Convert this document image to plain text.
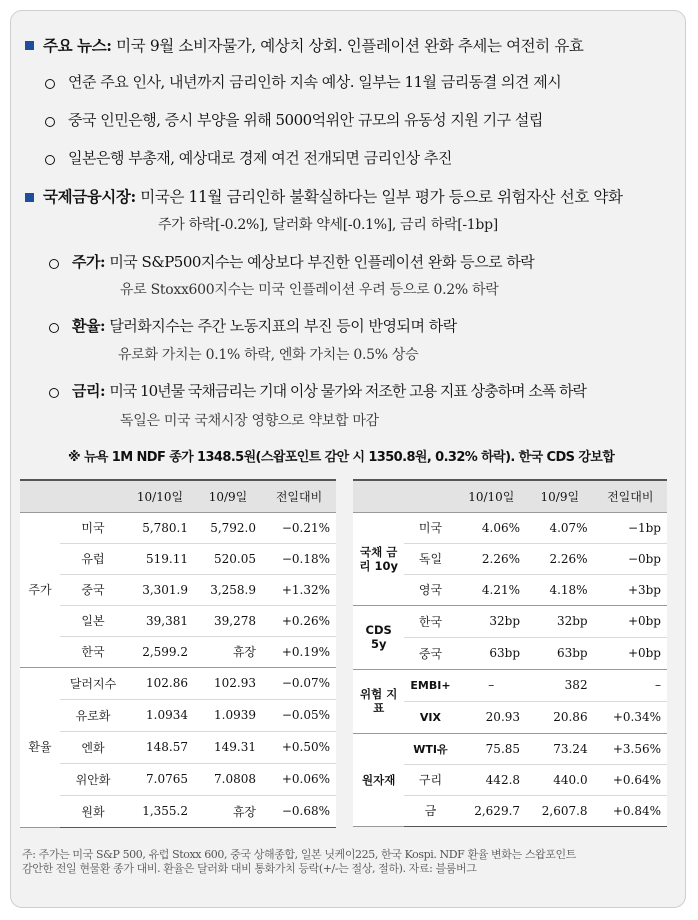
주요 뉴스: 미국 9월 소비자물가, 예상치 상회. 인플레이션 완화 추세는 여전히 유효
연준 주요 인사, 내년까지 금리인하 지속 예상. 일부는 11월 금리동결 의견 제시
중국 인민은행, 증시 부양을 위해 5000억위안 규모의 유동성 지원 기구 설립
일본은행 부총재, 예상대로 경제 여건 전개되면 금리인상 추진
국제금융시장: 미국은 11월 금리인하 불확실하다는 일부 평가 등으로 위험자산 선호 약화
주가 하락[-0.2%], 달러화 약세[-0.1%], 금리 하락[-1bp]
주가: 미국 S&P500지수는 예상보다 부진한 인플레이션 완화 등으로 하락
유로 Stoxx600지수는 미국 인플레이션 우려 등으로 0.2% 하락
환율: 달러화지수는 주간 노동지표의 부진 등이 반영되며 하락
유로화 가치는 0.1% 하락, 엔화 가치는 0.5% 상승
금리: 미국 10년물 국채금리는 기대 이상 물가와 저조한 고용 지표 상충하며 소폭 하락
독일은 미국 국채시장 영향으로 약보합 마감
※ 뉴욕 1M NDF 종가 1348.5원(스왑포인트 감안 시 1350.8원, 0.32% 하락). 한국 CDS 강보합
		10/10일	10/9일	전일대비
주가	미국	5,780.1	5,792.0	−0.21%
	유럽	519.11	520.05	−0.18%
	중국	3,301.9	3,258.9	+1.32%
	일본	39,381	39,278	+0.26%
	한국	2,599.2	휴장	+0.19%
환율	달러지수	102.86	102.93	−0.07%
	유로화	1.0934	1.0939	−0.05%
	엔화	148.57	149.31	+0.50%
	위안화	7.0765	7.0808	+0.06%
	원화	1,355.2	휴장	−0.68%
		10/10일	10/9일	전일대비
국채 금리 10y	미국	4.06%	4.07%	−1bp
	독일	2.26%	2.26%	−0bp
	영국	4.21%	4.18%	+3bp
CDS 5y	한국	32bp	32bp	+0bp
	중국	63bp	63bp	+0bp
위험 지표	EMBI+	–	382	–
	VIX	20.93	20.86	+0.34%
원자재	WTI유	75.85	73.24	+3.56%
	구리	442.8	440.0	+0.64%
	금	2,629.7	2,607.8	+0.84%
주: 주가는 미국 S&P 500, 유럽 Stoxx 600, 중국 상해종합, 일본 닛케이225, 한국 Kospi. NDF 환율 변화는 스왑포인트
감안한 전일 현물환 종가 대비. 환율은 달러화 대비 통화가치 등락(+/-는 절상, 절하). 자료: 블룸버그
